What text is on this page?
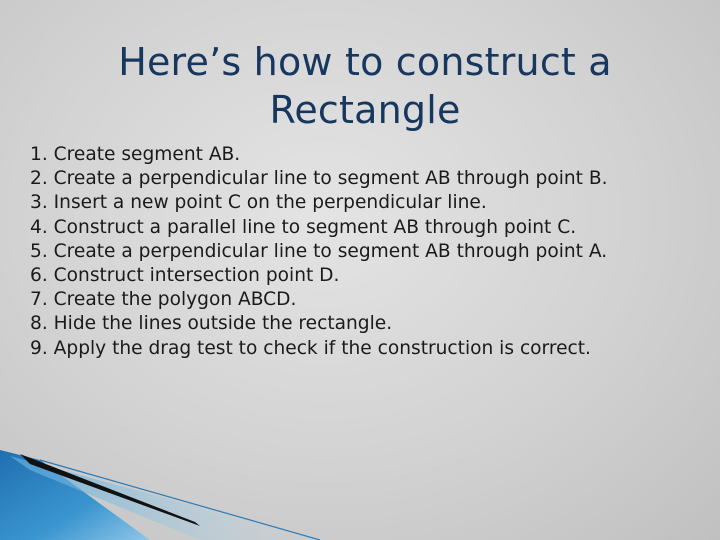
Here’s how to construct a
Rectangle
1. Create segment AB.
2. Create a perpendicular line to segment AB through point B.
3. Insert a new point C on the perpendicular line.
4. Construct a parallel line to segment AB through point C.
5. Create a perpendicular line to segment AB through point A.
6. Construct intersection point D.
7. Create the polygon ABCD.
8. Hide the lines outside the rectangle.
9. Apply the drag test to check if the construction is correct.
